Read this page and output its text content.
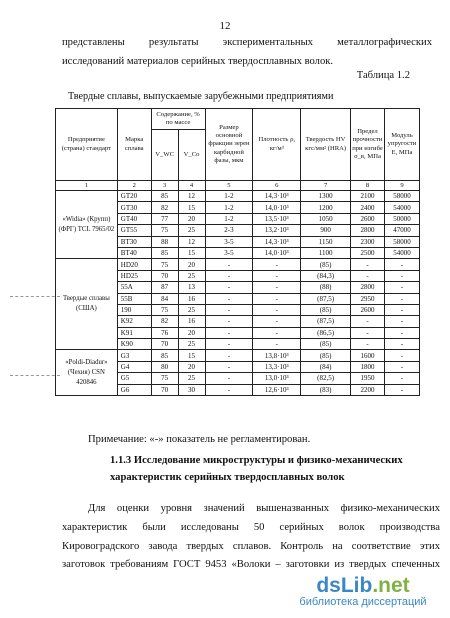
12
представлены результаты экспериментальных металлографических
исследований материалов серийных твердосплавных волок.
Таблица 1.2
Твердые сплавы, выпускаемые зарубежными предприятиями
Предприятие (страна) стандарт	Марка сплава	Содержание, % по массе		Размер основной фракции зерен карбидной фазы, мкм	Плотность ρ, кг/м³	Твердость HV кгс/мм² (HRA)	Предел прочности при изгибе σ_в, МПа	Модуль упругости E, МПа
		V_WC	V_Co					
1	2	3	4	5	6	7	8	9
«Widia» (Крупп) (ФРГ) TCL 7965/02	GT20	85	12	1-2	14,3·10³	1300	2100	58000
	GT30	82	15	1-2	14,0·10³	1200	2400	54000
	GT40	77	20	1-2	13,5·10³	1050	2600	50000
	GT55	75	25	2-3	13,2·10³	900	2800	47000
	BT30	88	12	3-5	14,3·10³	1150	2300	58000
	BT40	85	15	3-5	14,0·10³	1100	2500	54000
Твердые сплавы (США)	HD20	75	20	-	-	(85)	-	-
	HD25	70	25	-	-	(84,3)	-	-
	55A	87	13	-	-	(88)	2800	-
	55B	84	16	-	-	(87,5)	2950	-
	190	75	25	-	-	(85)	2600	-
	K92	82	16	-	-	(87,5)	-	-
	K91	76	20	-	-	(86,5)	-	-
	K90	70	25	-	-	(85)	-	-
«Poldi-Diadur» (Чехия) CSN 420846	G3	85	15	-	13,8·10³	(85)	1600	-
	G4	80	20	-	13,3·10³	(84)	1800	-
	G5	75	25	-	13,0·10³	(82,5)	1950	-
	G6	70	30	-	12,6·10³	(83)	2200	-
Примечание: «-» показатель не регламентирован.
1.1.3 Исследование микроструктуры и физико-механических характеристик серийных твердосплавных волок
Для оценки уровня значений вышеназванных физико-механических
характеристик были исследованы 50 серийных волок производства
Кировоградского завода твердых сплавов. Контроль на соответствие этих
заготовок требованиям ГОСТ 9453 «Волоки – заготовки из твердых спеченных
dsLib.net
библиотека диссертаций
